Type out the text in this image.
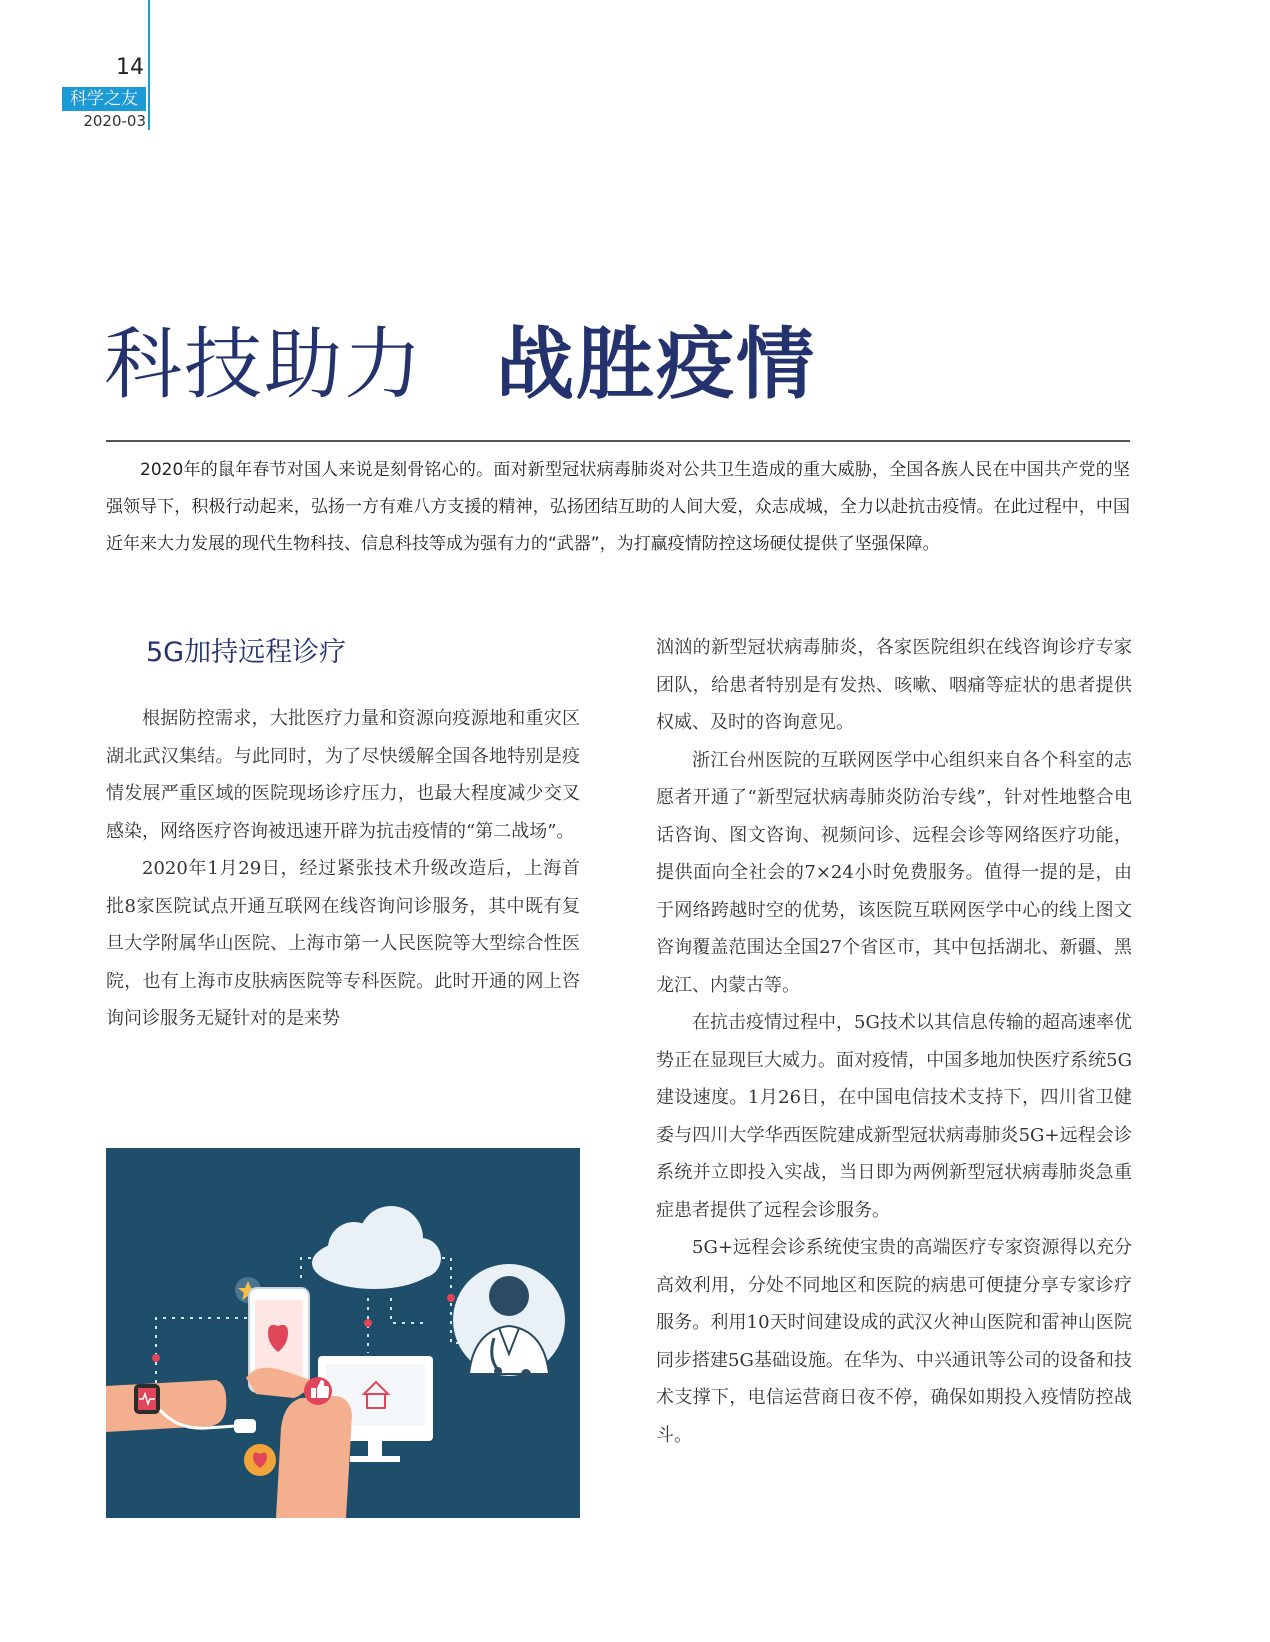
14
科学之友
2020-03
科技助力 战胜疫情

2020年的鼠年春节对国人来说是刻骨铭心的。面对新型冠状病毒肺炎对公共卫生造成的重大威胁，全国各族人民在中国共产党的坚强领导下，积极行动起来，弘扬一方有难八方支援的精神，弘扬团结互助的人间大爱，众志成城，全力以赴抗击疫情。在此过程中，中国近年来大力发展的现代生物科技、信息科技等成为强有力的“武器”，为打赢疫情防控这场硬仗提供了坚强保障。

5G加持远程诊疗

根据防控需求，大批医疗力量和资源向疫源地和重灾区湖北武汉集结。与此同时，为了尽快缓解全国各地特别是疫情发展严重区域的医院现场诊疗压力，也最大程度减少交叉感染，网络医疗咨询被迅速开辟为抗击疫情的“第二战场”。

2020年1月29日，经过紧张技术升级改造后，上海首批8家医院试点开通互联网在线咨询问诊服务，其中既有复旦大学附属华山医院、上海市第一人民医院等大型综合性医院，也有上海市皮肤病医院等专科医院。此时开通的网上咨询问诊服务无疑针对的是来势

汹汹的新型冠状病毒肺炎，各家医院组织在线咨询诊疗专家团队，给患者特别是有发热、咳嗽、咽痛等症状的患者提供权威、及时的咨询意见。

浙江台州医院的互联网医学中心组织来自各个科室的志愿者开通了“新型冠状病毒肺炎防治专线”，针对性地整合电话咨询、图文咨询、视频问诊、远程会诊等网络医疗功能，提供面向全社会的7×24小时免费服务。值得一提的是，由于网络跨越时空的优势，该医院互联网医学中心的线上图文咨询覆盖范围达全国27个省区市，其中包括湖北、新疆、黑龙江、内蒙古等。

在抗击疫情过程中，5G技术以其信息传输的超高速率优势正在显现巨大威力。面对疫情，中国多地加快医疗系统5G建设速度。1月26日，在中国电信技术支持下，四川省卫健委与四川大学华西医院建成新型冠状病毒肺炎5G+远程会诊系统并立即投入实战，当日即为两例新型冠状病毒肺炎急重症患者提供了远程会诊服务。

5G+远程会诊系统使宝贵的高端医疗专家资源得以充分高效利用，分处不同地区和医院的病患可便捷分享专家诊疗服务。利用10天时间建设成的武汉火神山医院和雷神山医院同步搭建5G基础设施。在华为、中兴通讯等公司的设备和技术支撑下，电信运营商日夜不停，确保如期投入疫情防控战斗。
